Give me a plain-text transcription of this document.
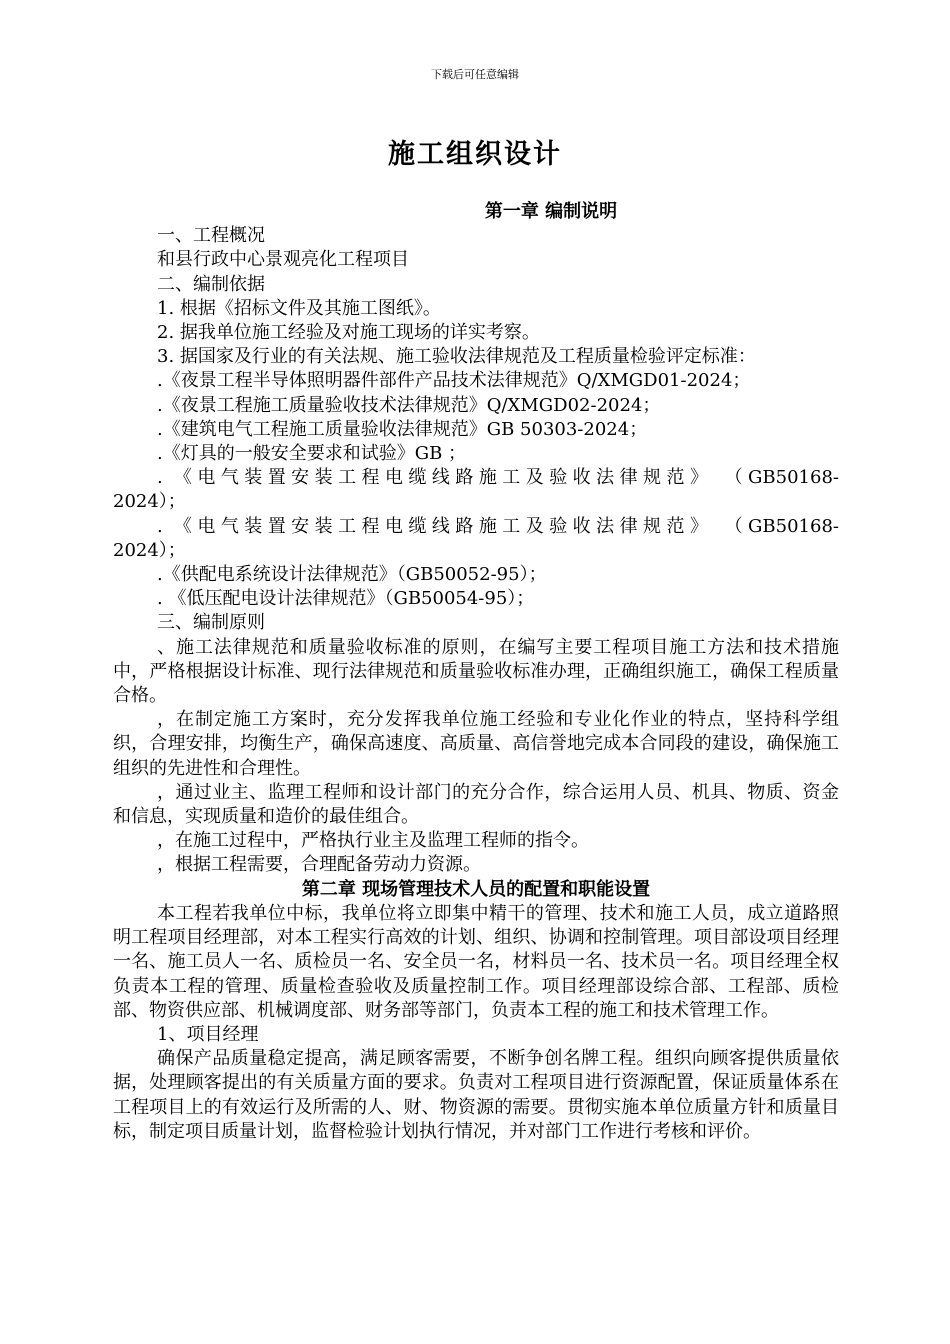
下载后可任意编辑
施工组织设计

第一章 编制说明

一、工程概况

和县行政中心景观亮化工程项目

二、编制依据

1. 根据《招标文件及其施工图纸》。

2. 据我单位施工经验及对施工现场的详实考察。

3. 据国家及行业的有关法规、施工验收法律规范及工程质量检验评定标准：

.《夜景工程半导体照明器件部件产品技术法律规范》Q/XMGD01-2024；

.《夜景工程施工质量验收技术法律规范》Q/XMGD02-2024；

.《建筑电气工程施工质量验收法律规范》GB 50303-2024；

.《灯具的一般安全要求和试验》GB ；

. 《电气装置安装工程电缆线路施工及验收法律规范》 （GB50168-

2024）；

. 《电气装置安装工程电缆线路施工及验收法律规范》 （GB50168-

2024）；

.《供配电系统设计法律规范》（GB50052-95）；

. 《低压配电设计法律规范》（GB50054-95）；

三、编制原则

、施工法律规范和质量验收标准的原则，在编写主要工程项目施工方法和技术措施中，严格根据设计标准、现行法律规范和质量验收标准办理，正确组织施工，确保工程质量合格。

，在制定施工方案时，充分发挥我单位施工经验和专业化作业的特点，坚持科学组织，合理安排，均衡生产，确保高速度、高质量、高信誉地完成本合同段的建设，确保施工组织的先进性和合理性。

，通过业主、监理工程师和设计部门的充分合作，综合运用人员、机具、物质、资金和信息，实现质量和造价的最佳组合。

，在施工过程中，严格执行业主及监理工程师的指令。

，根据工程需要，合理配备劳动力资源。

第二章 现场管理技术人员的配置和职能设置

本工程若我单位中标，我单位将立即集中精干的管理、技术和施工人员，成立道路照明工程项目经理部，对本工程实行高效的计划、组织、协调和控制管理。项目部设项目经理一名、施工员人一名、质检员一名、安全员一名，材料员一名、技术员一名。项目经理全权负责本工程的管理、质量检查验收及质量控制工作。项目经理部设综合部、工程部、质检部、物资供应部、机械调度部、财务部等部门，负责本工程的施工和技术管理工作。

1、项目经理

确保产品质量稳定提高，满足顾客需要，不断争创名牌工程。组织向顾客提供质量依据，处理顾客提出的有关质量方面的要求。负责对工程项目进行资源配置，保证质量体系在工程项目上的有效运行及所需的人、财、物资源的需要。贯彻实施本单位质量方针和质量目标，制定项目质量计划，监督检验计划执行情况，并对部门工作进行考核和评价。
